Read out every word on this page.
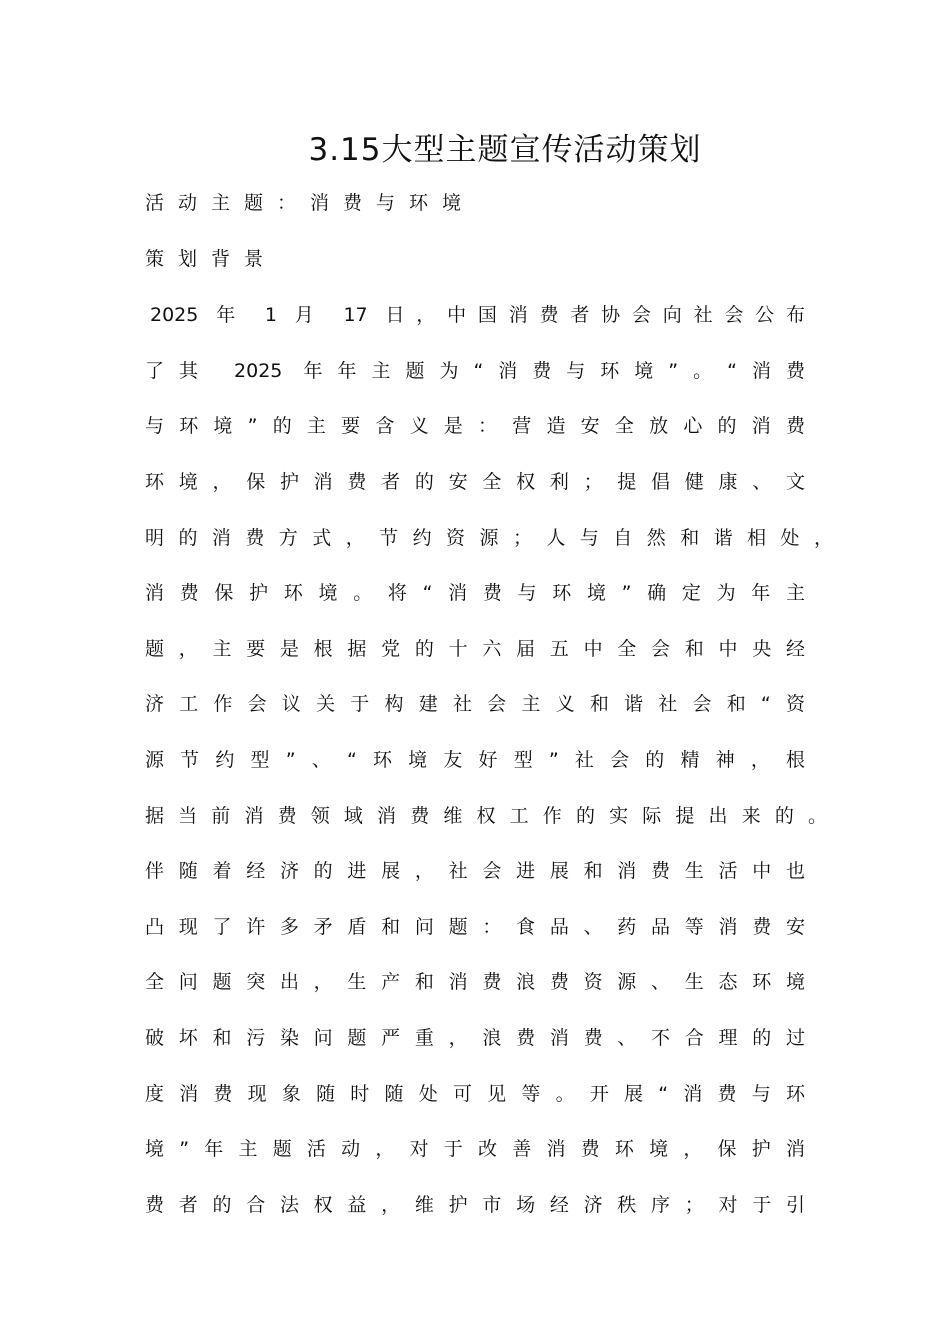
3.15大型主题宣传活动策划
活动主题：消费与环境
策划背景
2025 年 1 月 17 日，中国消费者协会向社会公布
了其 2025 年年主题为“消费与环境”。“消费
与环境”的主要含义是：营造安全放心的消费
环境，保护消费者的安全权利；提倡健康、文
明的消费方式，节约资源；人与自然和谐相处，
消费保护环境。将“消费与环境”确定为年主
题，主要是根据党的十六届五中全会和中央经
济工作会议关于构建社会主义和谐社会和“资
源节约型”、“环境友好型”社会的精神，根
据当前消费领域消费维权工作的实际提出来的。
伴随着经济的进展，社会进展和消费生活中也
凸现了许多矛盾和问题：食品、药品等消费安
全问题突出，生产和消费浪费资源、生态环境
破坏和污染问题严重，浪费消费、不合理的过
度消费现象随时随处可见等。开展“消费与环
境”年主题活动，对于改善消费环境，保护消
费者的合法权益，维护市场经济秩序；对于引
